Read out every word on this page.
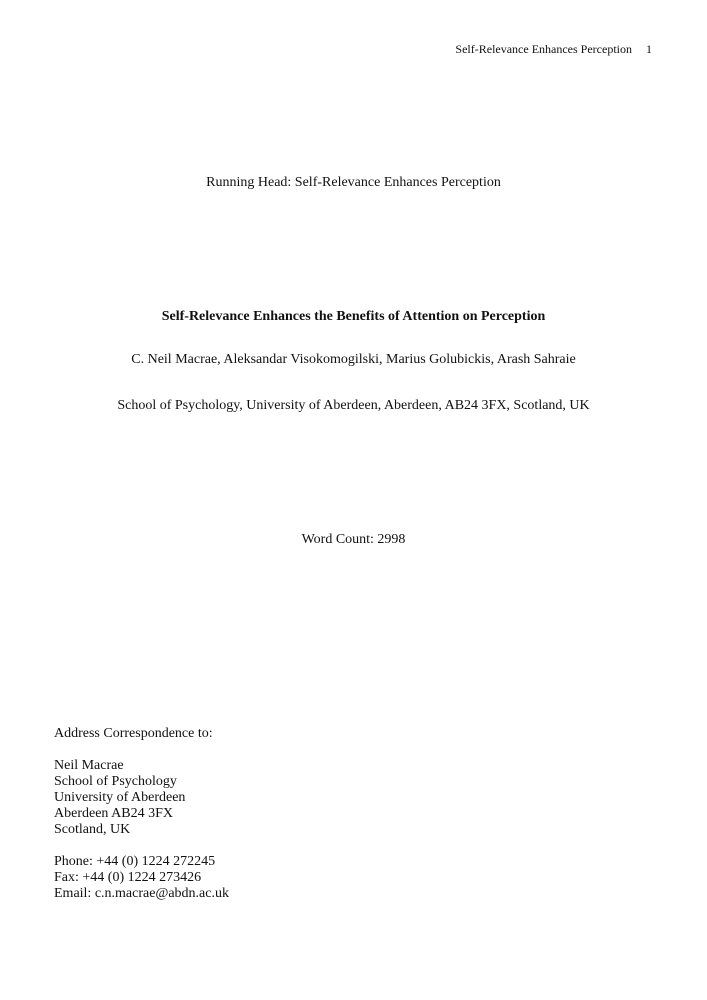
Self-Relevance Enhances Perception 1
Running Head: Self-Relevance Enhances Perception
Self-Relevance Enhances the Benefits of Attention on Perception
C. Neil Macrae, Aleksandar Visokomogilski, Marius Golubickis, Arash Sahraie
School of Psychology, University of Aberdeen, Aberdeen, AB24 3FX, Scotland, UK
Word Count: 2998
Address Correspondence to:
Neil Macrae
School of Psychology
University of Aberdeen
Aberdeen AB24 3FX
Scotland, UK
Phone: +44 (0) 1224 272245
Fax: +44 (0) 1224 273426
Email: c.n.macrae@abdn.ac.uk
